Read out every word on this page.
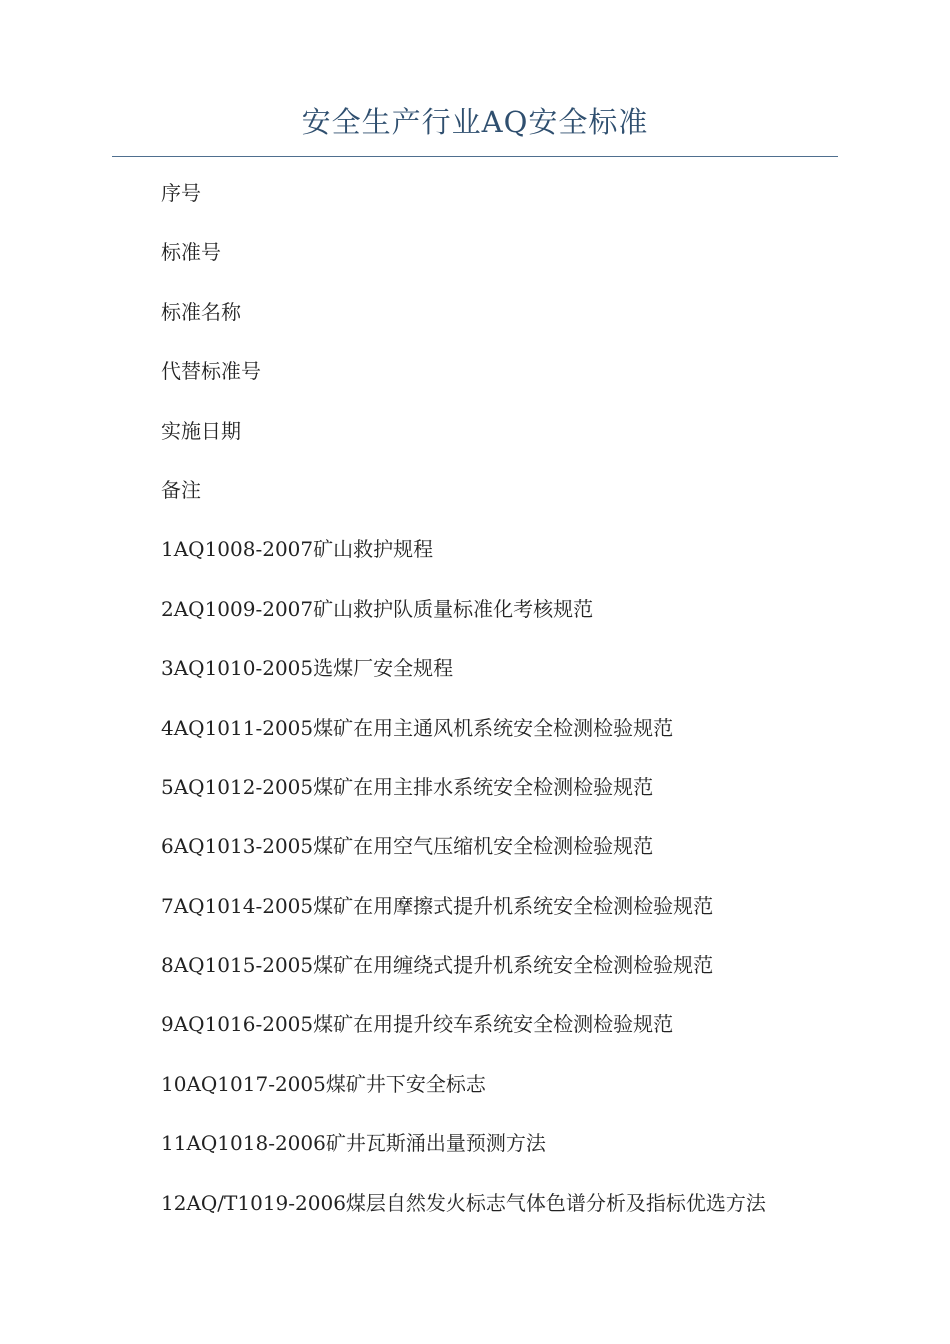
安全生产行业AQ安全标准
序号
标准号
标准名称
代替标准号
实施日期
备注
1AQ1008-2007矿山救护规程
2AQ1009-2007矿山救护队质量标准化考核规范
3AQ1010-2005选煤厂安全规程
4AQ1011-2005煤矿在用主通风机系统安全检测检验规范
5AQ1012-2005煤矿在用主排水系统安全检测检验规范
6AQ1013-2005煤矿在用空气压缩机安全检测检验规范
7AQ1014-2005煤矿在用摩擦式提升机系统安全检测检验规范
8AQ1015-2005煤矿在用缠绕式提升机系统安全检测检验规范
9AQ1016-2005煤矿在用提升绞车系统安全检测检验规范
10AQ1017-2005煤矿井下安全标志
11AQ1018-2006矿井瓦斯涌出量预测方法
12AQ/T1019-2006煤层自然发火标志气体色谱分析及指标优选方法
